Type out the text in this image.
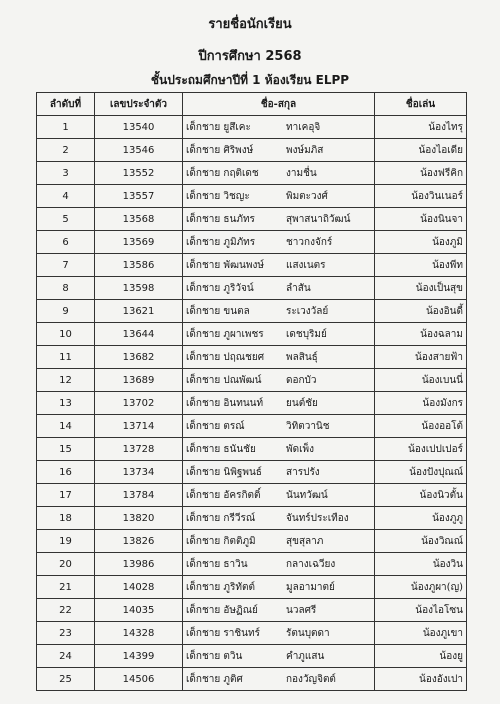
รายชื่อนักเรียน
ปีการศึกษา 2568
ชั้นประถมศึกษาปีที่ 1 ห้องเรียน ELPP
ลำดับที่	เลขประจำตัว	ชื่อ-สกุล	ชื่อเล่น
1	13540	เด็กชาย ยูสึเคะ ทาเคอุจิ	น้องไทรุ
2	13546	เด็กชาย ศิริพงษ์ พงษ์มภิส	น้องไอเดีย
3	13552	เด็กชาย กฤติเดช งามชื่น	น้องฟรีคิก
4	13557	เด็กชาย วิชญะ พิมตะวงศ์	น้องวินเนอร์
5	13568	เด็กชาย ธนภัทร สุพาสนาถิวัฒน์	น้องนินจา
6	13569	เด็กชาย ภูมิภัทร ชาวกงจักร์	น้องภูมิ
7	13586	เด็กชาย พัฒนพงษ์ แสงเนตร	น้องพีท
8	13598	เด็กชาย ภูริวัจน์ ลำสัน	น้องเป็นสุข
9	13621	เด็กชาย ขนตล ระเวงวัลย์	น้องอินดี้
10	13644	เด็กชาย ภูผาเพชร เดชบุริมย์	น้องฉลาม
11	13682	เด็กชาย ปฤณชยศ พลสินธุ์	น้องสายฟ้า
12	13689	เด็กชาย ปณพัฒน์ ดอกบัว	น้องเบนนี่
13	13702	เด็กชาย อินทนนท์ ยนต์ชัย	น้องมังกร
14	13714	เด็กชาย ตรณ์ วิทิตวานิช	น้องออโต้
15	13728	เด็กชาย ธนันชัย พัดเพ็ง	น้องเปปเปอร์
16	13734	เด็กชาย นิพิฐพนธ์ สารปรัง	น้องปังปุณณ์
17	13784	เด็กชาย อัครกิตติ์ นันทวัฒน์	น้องนิวตั้น
18	13820	เด็กชาย กรีวีรณ์ จันทร์ประเทือง	น้องภูภู
19	13826	เด็กชาย กิตติภูมิ สุขสุลาภ	น้องวิณณ์
20	13986	เด็กชาย ธาวิน กลางเฉวียง	น้องวิน
21	14028	เด็กชาย ภูริทัตต์ มูลอามาตย์	น้องภูผา(ญ)
22	14035	เด็กชาย อัษฏิณย์ นวลศรี	น้องไอโซน
23	14328	เด็กชาย ราชินทร์ รัตนบุตดา	น้องภูเขา
24	14399	เด็กชาย ตวิน คำภูแสน	น้องยู
25	14506	เด็กชาย ภูติศ กองวัญจิตต์	น้องอังเปา
